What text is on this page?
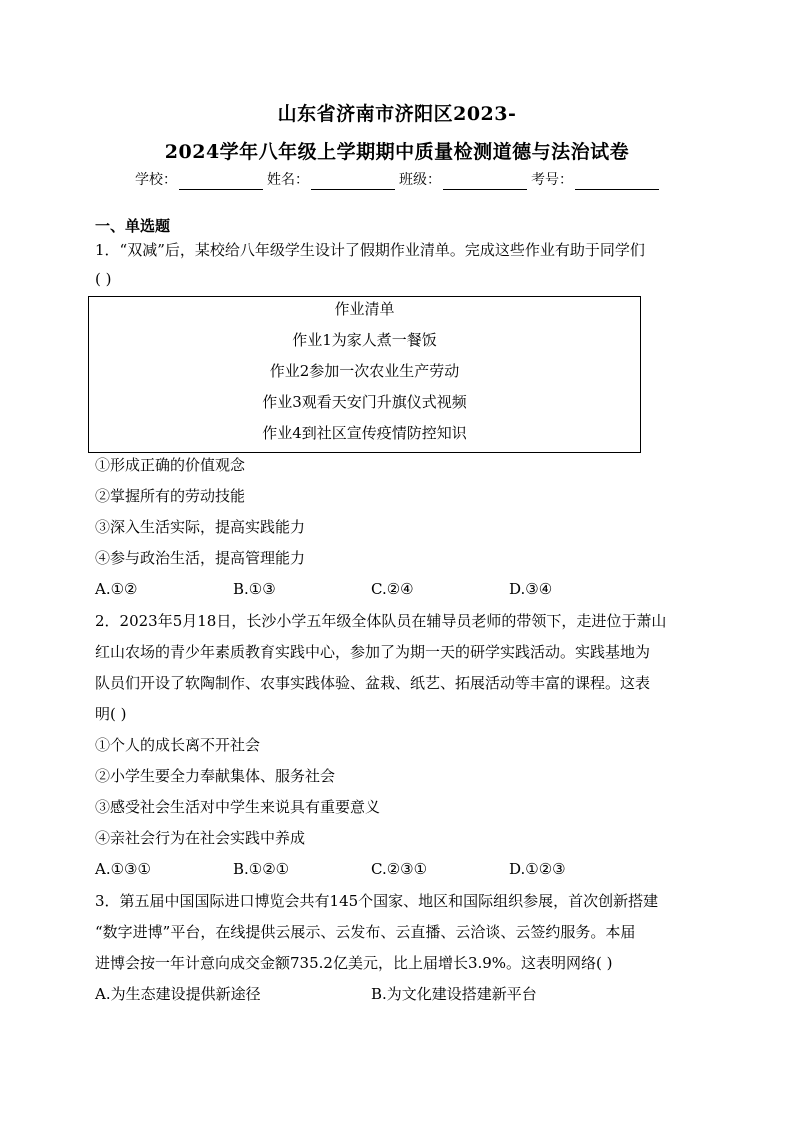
山东省济南市济阳区2023-
2024学年八年级上学期期中质量检测道德与法治试卷
学校：	姓名：	班级：	考号：
一、单选题
1．“双减”后，某校给八年级学生设计了假期作业清单。完成这些作业有助于同学们
( )
作业清单
作业1为家人煮一餐饭
作业2参加一次农业生产劳动
作业3观看天安门升旗仪式视频
作业4到社区宣传疫情防控知识
①形成正确的价值观念
②掌握所有的劳动技能
③深入生活实际，提高实践能力
④参与政治生活，提高管理能力
A.①②	B.①③	C.②④	D.③④
2．2023年5月18日，长沙小学五年级全体队员在辅导员老师的带领下，走进位于萧山
红山农场的青少年素质教育实践中心，参加了为期一天的研学实践活动。实践基地为
队员们开设了软陶制作、农事实践体验、盆栽、纸艺、拓展活动等丰富的课程。这表
明( )
①个人的成长离不开社会
②小学生要全力奉献集体、服务社会
③感受社会生活对中学生来说具有重要意义
④亲社会行为在社会实践中养成
A.①③①	B.①②①	C.②③①	D.①②③
3．第五届中国国际进口博览会共有145个国家、地区和国际组织参展，首次创新搭建
“数字进博”平台，在线提供云展示、云发布、云直播、云洽谈、云签约服务。本届
进博会按一年计意向成交金额735.2亿美元，比上届增长3.9%。这表明网络( )
A.为生态建设提供新途径	B.为文化建设搭建新平台
